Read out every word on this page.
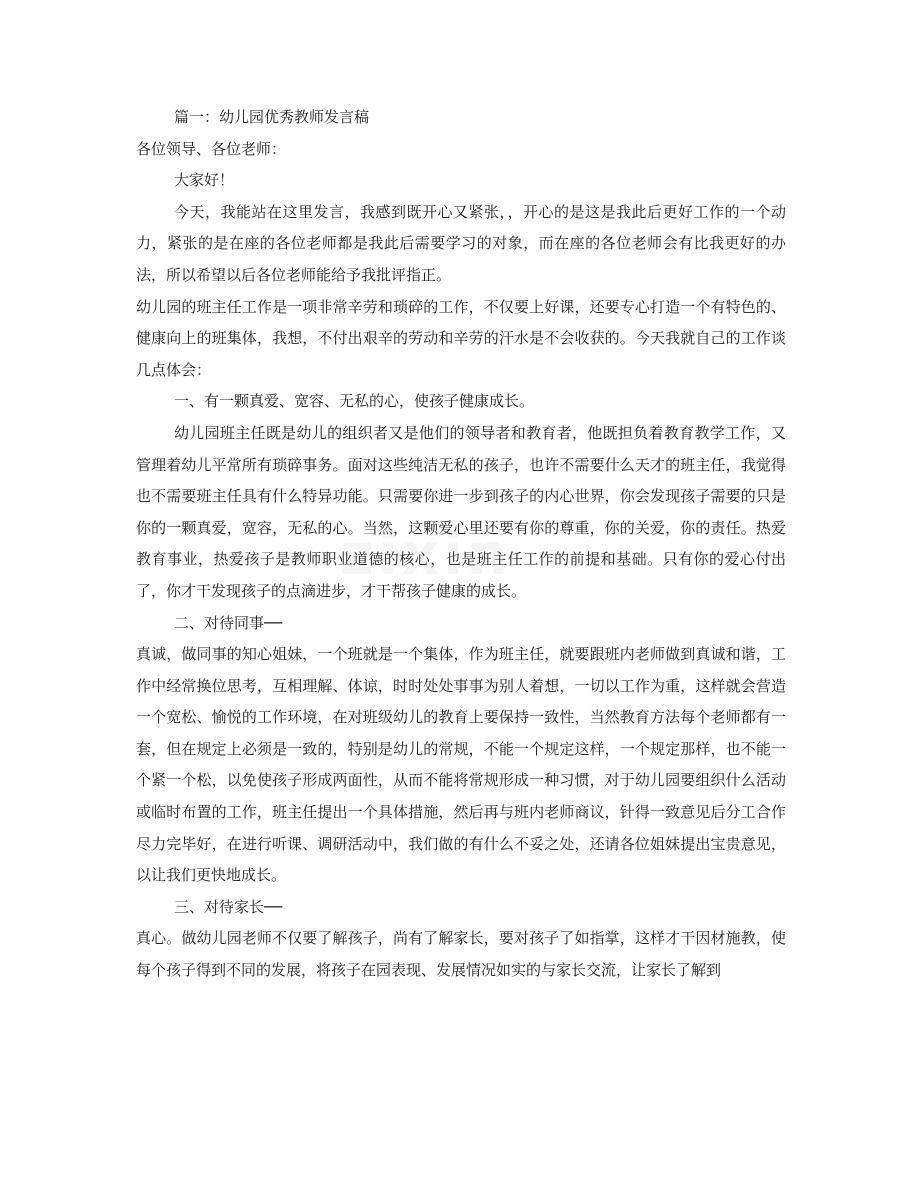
篇一：幼儿园优秀教师发言稿

各位领导、各位老师：

大家好！

今天，我能站在这里发言，我感到既开心又紧张，，开心的是这是我此后更好工作的一个动力，紧张的是在座的各位老师都是我此后需要学习的对象，而在座的各位老师会有比我更好的办法，所以希望以后各位老师能给予我批评指正。

幼儿园的班主任工作是一项非常辛劳和琐碎的工作，不仅要上好课，还要专心打造一个有特色的、健康向上的班集体，我想，不付出艰辛的劳动和辛劳的汗水是不会收获的。今天我就自己的工作谈几点体会：

一、有一颗真爱、宽容、无私的心，使孩子健康成长。

幼儿园班主任既是幼儿的组织者又是他们的领导者和教育者，他既担负着教育教学工作，又管理着幼儿平常所有琐碎事务。面对这些纯洁无私的孩子，也许不需要什么天才的班主任，我觉得也不需要班主任具有什么特异功能。只需要你进一步到孩子的内心世界，你会发现孩子需要的只是你的一颗真爱，宽容，无私的心。当然，这颗爱心里还要有你的尊重，你的关爱，你的责任。热爱教育事业，热爱孩子是教师职业道德的核心，也是班主任工作的前提和基础。只有你的爱心付出了，你才干发现孩子的点滴进步，才干帮孩子健康的成长。

二、对待同事──

真诚，做同事的知心姐妹，一个班就是一个集体，作为班主任，就要跟班内老师做到真诚和谐，工作中经常换位思考，互相理解、体谅，时时处处事事为别人着想，一切以工作为重，这样就会营造一个宽松、愉悦的工作环境，在对班级幼儿的教育上要保持一致性，当然教育方法每个老师都有一套，但在规定上必须是一致的，特别是幼儿的常规，不能一个规定这样，一个规定那样，也不能一个紧一个松，以免使孩子形成两面性，从而不能将常规形成一种习惯，对于幼儿园要组织什么活动或临时布置的工作，班主任提出一个具体措施，然后再与班内老师商议，针得一致意见后分工合作尽力完毕好，在进行听课、调研活动中，我们做的有什么不妥之处，还请各位姐妹提出宝贵意见，以让我们更快地成长。

三、对待家长──

真心。做幼儿园老师不仅要了解孩子，尚有了解家长，要对孩子了如指掌，这样才干因材施教，使每个孩子得到不同的发展，将孩子在园表现、发展情况如实的与家长交流，让家长了解到

zixin
